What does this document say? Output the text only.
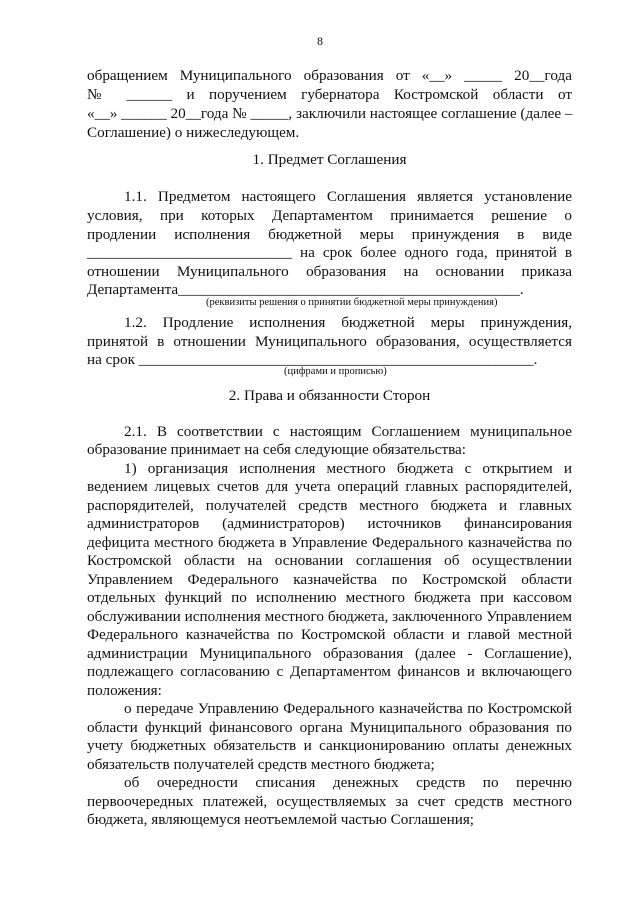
8
обращением Муниципального образования от «__» _____ 20__года
№ ______ и поручением губернатора Костромской области от
«__» ______ 20__года № _____, заключили настоящее соглашение (далее –
Соглашение) о нижеследующем.
1. Предмет Соглашения
1.1. Предметом настоящего Соглашения является установление
условия, при которых Департаментом принимается решение о
продлении исполнения бюджетной меры принуждения в виде
___________________________ на срок более одного года, принятой в
отношении Муниципального образования на основании приказа
Департамента_____________________________________________.
(реквизиты решения о принятии бюджетной меры принуждения)
1.2. Продление исполнения бюджетной меры принуждения,
принятой в отношении Муниципального образования, осуществляется
на срок ____________________________________________________.
(цифрами и прописью)
2. Права и обязанности Сторон
2.1. В соответствии с настоящим Соглашением муниципальное
образование принимает на себя следующие обязательства:
1) организация исполнения местного бюджета с открытием и
ведением лицевых счетов для учета операций главных распорядителей,
распорядителей, получателей средств местного бюджета и главных
администраторов (администраторов) источников финансирования
дефицита местного бюджета в Управление Федерального казначейства по
Костромской области на основании соглашения об осуществлении
Управлением Федерального казначейства по Костромской области
отдельных функций по исполнению местного бюджета при кассовом
обслуживании исполнения местного бюджета, заключенного Управлением
Федерального казначейства по Костромской области и главой местной
администрации Муниципального образования (далее - Соглашение),
подлежащего согласованию с Департаментом финансов и включающего
положения:
о передаче Управлению Федерального казначейства по Костромской
области функций финансового органа Муниципального образования по
учету бюджетных обязательств и санкционированию оплаты денежных
обязательств получателей средств местного бюджета;
об очередности списания денежных средств по перечню
первоочередных платежей, осуществляемых за счет средств местного
бюджета, являющемуся неотъемлемой частью Соглашения;
